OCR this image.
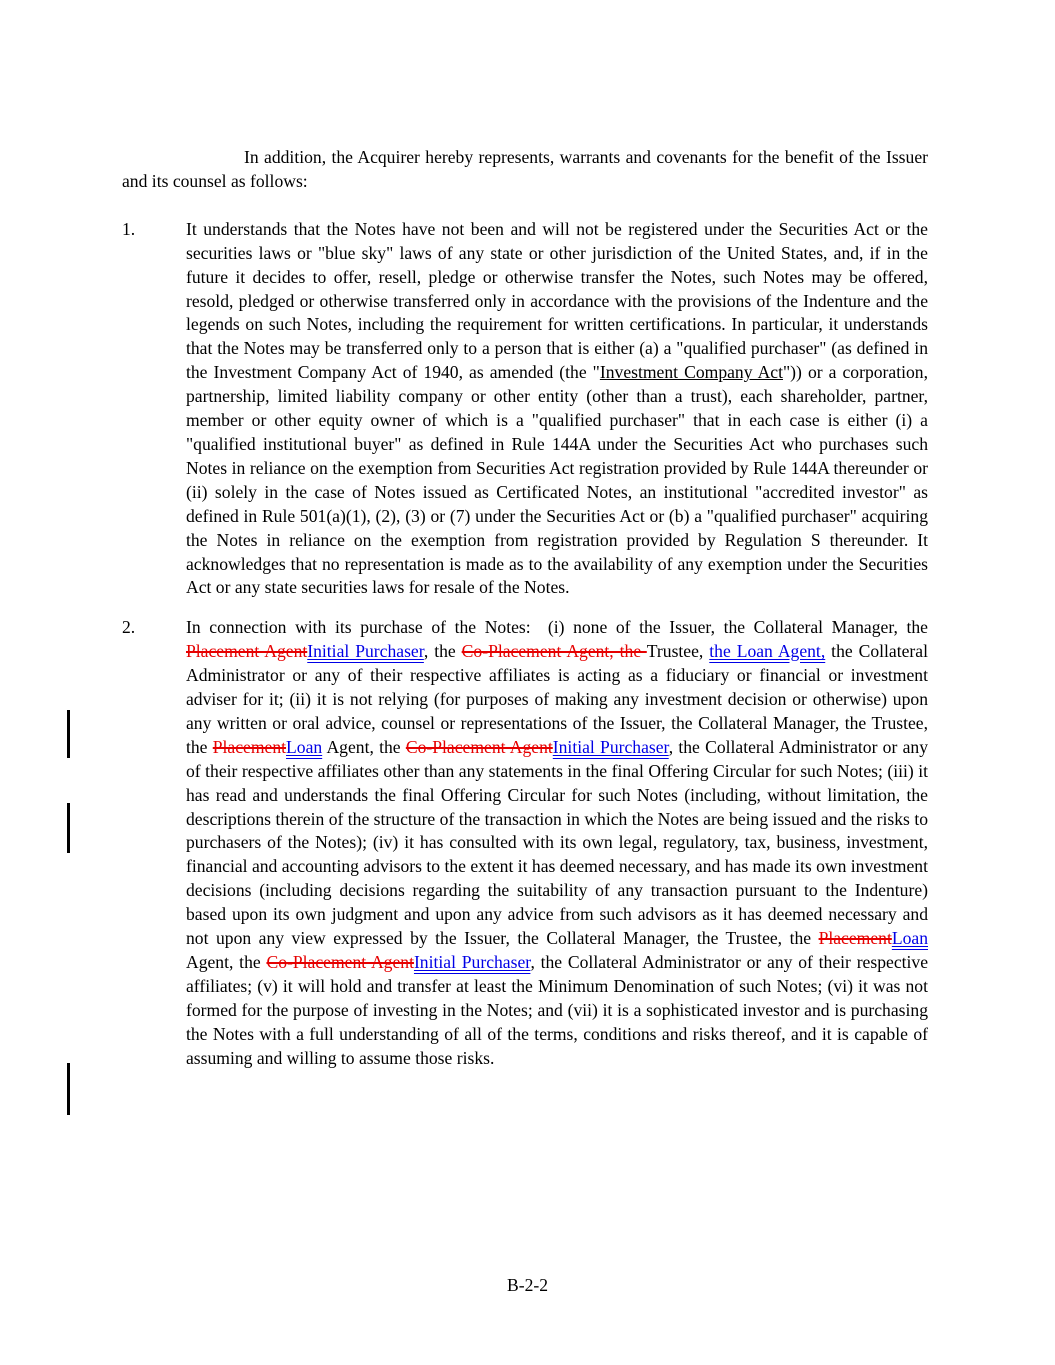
In addition, the Acquirer hereby represents, warrants and covenants for the benefit of the Issuer and its counsel as follows:

1.	It understands that the Notes have not been and will not be registered under the Securities Act or the securities laws or "blue sky" laws of any state or other jurisdiction of the United States, and, if in the future it decides to offer, resell, pledge or otherwise transfer the Notes, such Notes may be offered, resold, pledged or otherwise transferred only in accordance with the provisions of the Indenture and the legends on such Notes, including the requirement for written certifications. In particular, it understands that the Notes may be transferred only to a person that is either (a) a "qualified purchaser" (as defined in the Investment Company Act of 1940, as amended (the "Investment Company Act")) or a corporation, partnership, limited liability company or other entity (other than a trust), each shareholder, partner, member or other equity owner of which is a "qualified purchaser" that in each case is either (i) a "qualified institutional buyer" as defined in Rule 144A under the Securities Act who purchases such Notes in reliance on the exemption from Securities Act registration provided by Rule 144A thereunder or (ii) solely in the case of Notes issued as Certificated Notes, an institutional "accredited investor" as defined in Rule 501(a)(1), (2), (3) or (7) under the Securities Act or (b) a "qualified purchaser" acquiring the Notes in reliance on the exemption from registration provided by Regulation S thereunder. It acknowledges that no representation is made as to the availability of any exemption under the Securities Act or any state securities laws for resale of the Notes.
2.	In connection with its purchase of the Notes:  (i) none of the Issuer, the Collateral Manager, the Placement AgentInitial Purchaser, the Co-Placement Agent, the Trustee, the Loan Agent, the Collateral Administrator or any of their respective affiliates is acting as a fiduciary or financial or investment adviser for it; (ii) it is not relying (for purposes of making any investment decision or otherwise) upon any written or oral advice, counsel or representations of the Issuer, the Collateral Manager, the Trustee, the PlacementLoan Agent, the Co-Placement AgentInitial Purchaser, the Collateral Administrator or any of their respective affiliates other than any statements in the final Offering Circular for such Notes; (iii) it has read and understands the final Offering Circular for such Notes (including, without limitation, the descriptions therein of the structure of the transaction in which the Notes are being issued and the risks to purchasers of the Notes); (iv) it has consulted with its own legal, regulatory, tax, business, investment, financial and accounting advisors to the extent it has deemed necessary, and has made its own investment decisions (including decisions regarding the suitability of any transaction pursuant to the Indenture) based upon its own judgment and upon any advice from such advisors as it has deemed necessary and not upon any view expressed by the Issuer, the Collateral Manager, the Trustee, the PlacementLoan Agent, the Co-Placement AgentInitial Purchaser, the Collateral Administrator or any of their respective affiliates; (v) it will hold and transfer at least the Minimum Denomination of such Notes; (vi) it was not formed for the purpose of investing in the Notes; and (vii) it is a sophisticated investor and is purchasing the Notes with a full understanding of all of the terms, conditions and risks thereof, and it is capable of assuming and willing to assume those risks.
B-2-2
